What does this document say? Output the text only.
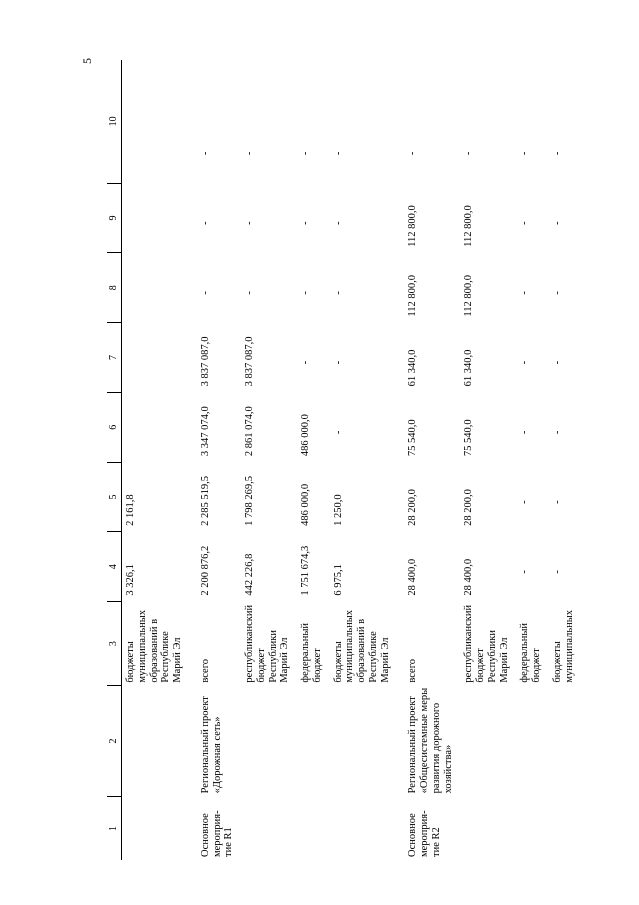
5
1	2	3	4	5	6	7	8	9	10
		бюджеты муниципальных образований в Республике Марий Эл	3 326,1	2 161,8					
Основное мероприя-тие R1	Региональный проект «Дорожная сеть»	всего	2 200 876,2	2 285 519,5	3 347 074,0	3 837 087,0	-	-	-
		республиканский бюджет Республики Марий Эл	442 226,8	1 798 269,5	2 861 074,0	3 837 087,0	-	-	-
		федеральный бюджет	1 751 674,3	486 000,0	486 000,0	-	-	-	-
		бюджеты муниципальных образований в Республике Марий Эл	6 975,1	1 250,0	-	-	-	-	-
Основное мероприя-тие R2	Региональный проект «Общесистемные меры развития дорожного хозяйства»	всего	28 400,0	28 200,0	75 540,0	61 340,0	112 800,0	112 800,0	-
		республиканский бюджет Республики Марий Эл	28 400,0	28 200,0	75 540,0	61 340,0	112 800,0	112 800,0	-
		федеральный бюджет	-	-	-	-	-	-	-
		бюджеты муниципальных	-	-	-	-	-	-	-
